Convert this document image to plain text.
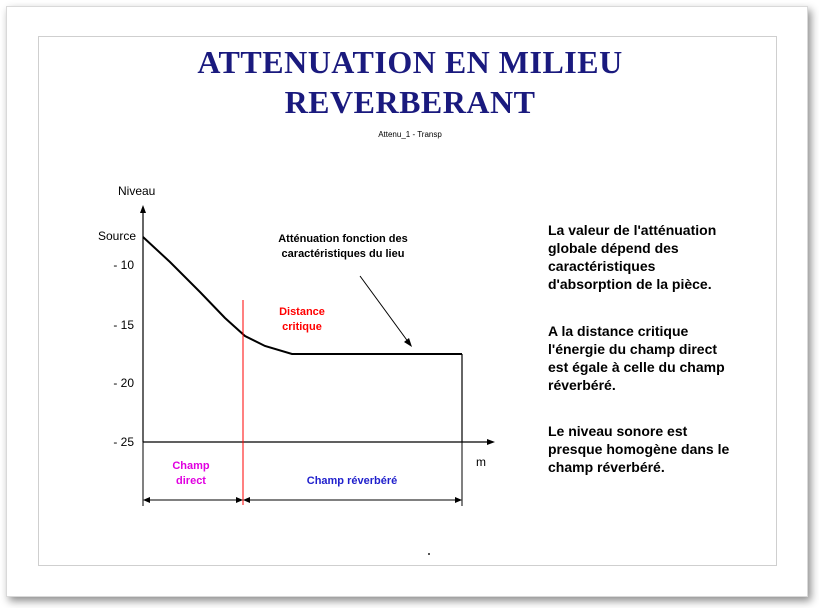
ATTENUATION EN MILIEU
REVERBERANT
Attenu_1 - Transp
Niveau
m
Source
- 10
- 15
- 20
- 25
Atténuation fonction des
caractéristiques du lieu
Distance
critique
Champ
direct	Champ réverbéré
La valeur de l'atténuation
globale dépend des
caractéristiques
d'absorption de la pièce.
A la distance critique
l'énergie du champ direct
est égale à celle du champ
réverbéré.
Le niveau sonore est
presque homogène dans le
champ réverbéré.
